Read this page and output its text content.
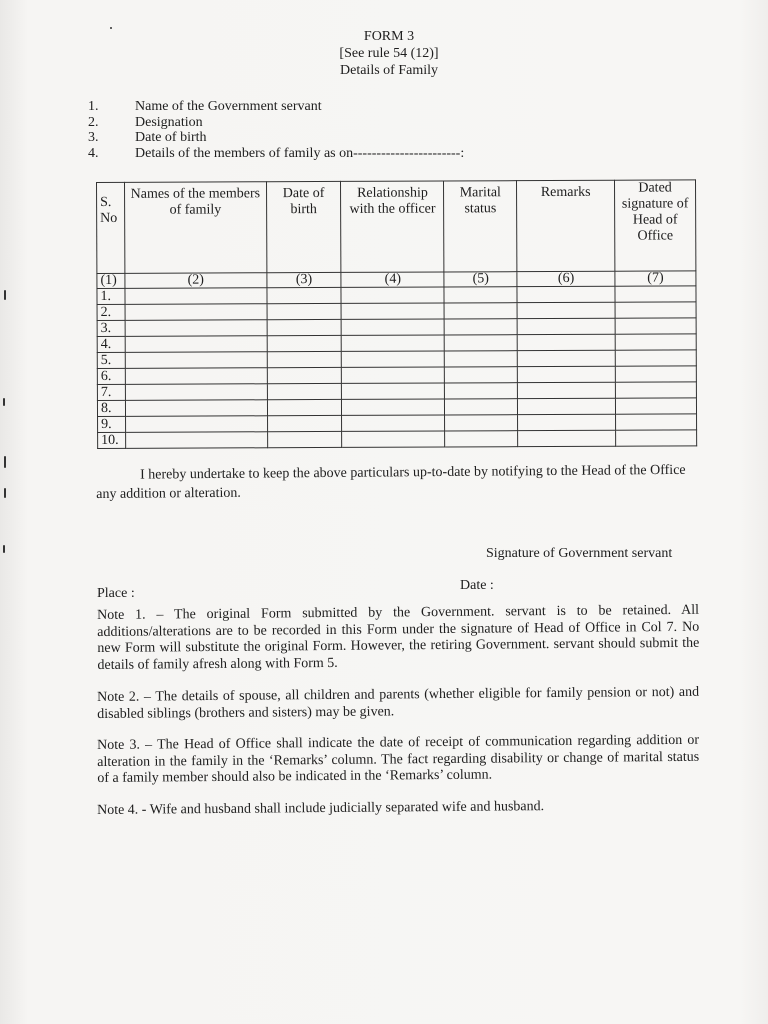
FORM 3
[See rule 54 (12)]
Details of Family
1.	Name of the Government servant
2.	Designation
3.	Date of birth
4.	Details of the members of family as on-----------------------:
S. No	Names of the members of family	Date of birth	Relationship with the officer	Marital status	Remarks	Dated signature of Head of Office
(1)	(2)	(3)	(4)	(5)	(6)	(7)
1.						
2.						
3.						
4.						
5.						
6.						
7.						
8.						
9.						
10.						
I hereby undertake to keep the above particulars up-to-date by notifying to the Head of the Office any addition or alteration.
Signature of Government servant
Date :
Place :
Note 1. – The original Form submitted by the Government. servant is to be retained. All additions/alterations are to be recorded in this Form under the signature of Head of Office in Col 7. No new Form will substitute the original Form. However, the retiring Government. servant should submit the details of family afresh along with Form 5.
Note 2. – The details of spouse, all children and parents (whether eligible for family pension or not) and disabled siblings (brothers and sisters) may be given.
Note 3. – The Head of Office shall indicate the date of receipt of communication regarding addition or alteration in the family in the ‘Remarks’ column. The fact regarding disability or change of marital status of a family member should also be indicated in the ‘Remarks’ column.
Note 4. - Wife and husband shall include judicially separated wife and husband.
